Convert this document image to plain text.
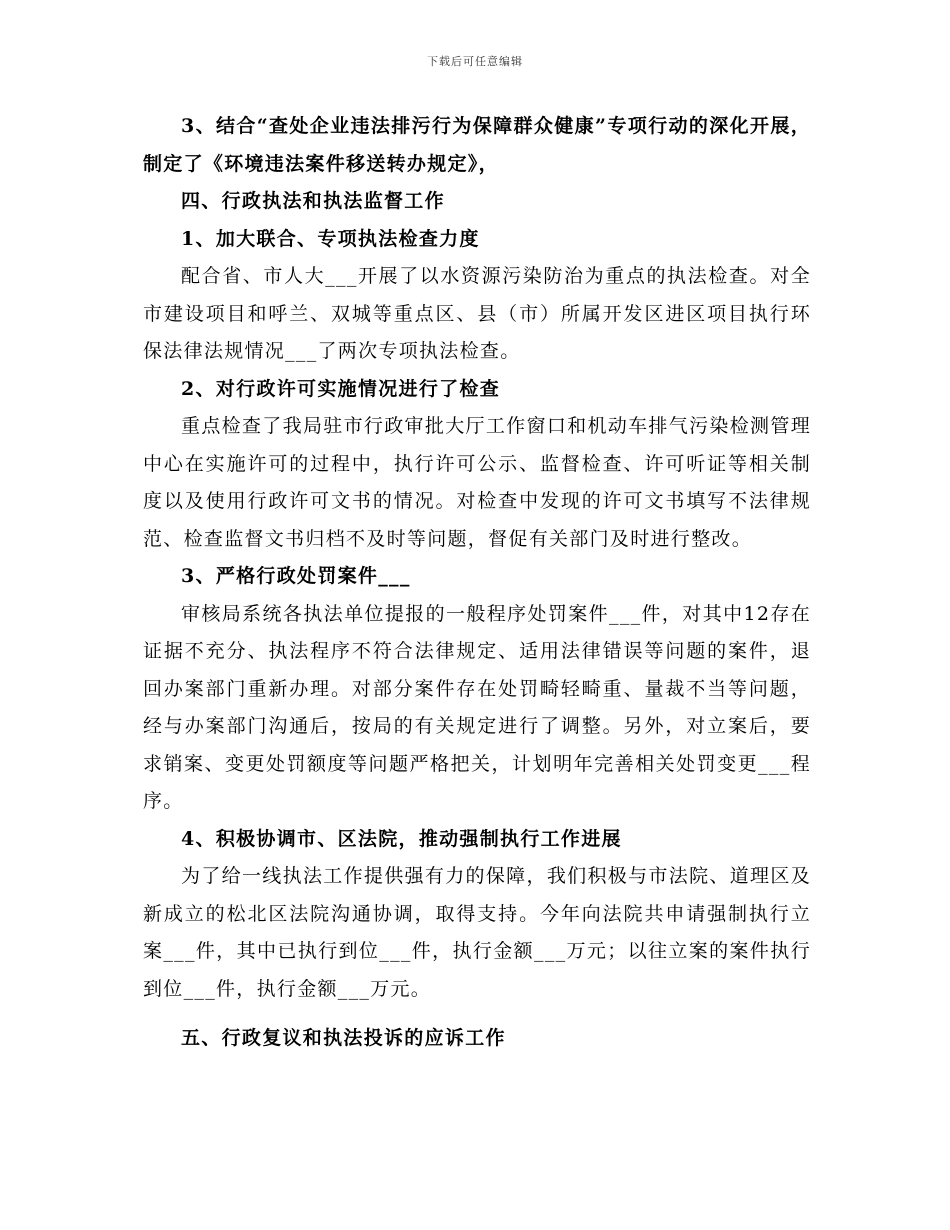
下载后可任意编辑

3、结合“查处企业违法排污行为保障群众健康”专项行动的深化开展，制定了《环境违法案件移送转办规定》，

四、行政执法和执法监督工作

1、加大联合、专项执法检查力度

配合省、市人大___开展了以水资源污染防治为重点的执法检查。对全市建设项目和呼兰、双城等重点区、县（市）所属开发区进区项目执行环保法律法规情况___了两次专项执法检查。

2、对行政许可实施情况进行了检查

重点检查了我局驻市行政审批大厅工作窗口和机动车排气污染检测管理中心在实施许可的过程中，执行许可公示、监督检查、许可听证等相关制度以及使用行政许可文书的情况。对检查中发现的许可文书填写不法律规范、检查监督文书归档不及时等问题，督促有关部门及时进行整改。

3、严格行政处罚案件___

审核局系统各执法单位提报的一般程序处罚案件___件，对其中12存在证据不充分、执法程序不符合法律规定、适用法律错误等问题的案件，退回办案部门重新办理。对部分案件存在处罚畸轻畸重、量裁不当等问题，经与办案部门沟通后，按局的有关规定进行了调整。另外，对立案后，要求销案、变更处罚额度等问题严格把关，计划明年完善相关处罚变更___程序。

4、积极协调市、区法院，推动强制执行工作进展

为了给一线执法工作提供强有力的保障，我们积极与市法院、道理区及新成立的松北区法院沟通协调，取得支持。今年向法院共申请强制执行立案___件，其中已执行到位___件，执行金额___万元；以往立案的案件执行到位___件，执行金额___万元。

五、行政复议和执法投诉的应诉工作
